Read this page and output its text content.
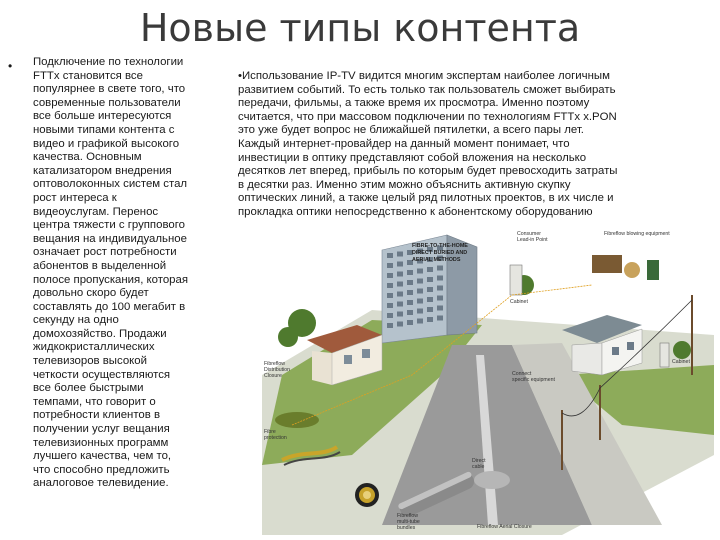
Новые типы контента
• Подключение по технологии
FTTx становится все
популярнее в свете того, что
современные пользователи
все больше интересуются
новыми типами контента с
видео и графикой высокого
качества. Основным
катализатором внедрения
оптоволоконных систем стал
рост интереса к
видеоуслугам. Перенос
центра тяжести с группового
вещания на индивидуальное
означает рост потребности
абонентов в выделенной
полосе пропускания, которая
довольно скоро будет
составлять до 100 мегабит в
секунду на одно
домохозяйство. Продажи
жидкокристаллических
телевизоров высокой
четкости осуществляются
все более быстрыми
темпами, что говорит о
потребности клиентов в
получении услуг вещания
телевизионных программ
лучшего качества, чем то,
что способно предложить
аналоговое телевидение.
•Использование IP-TV видится многим экспертам наиболее логичным
развитием событий. То есть только так пользователь сможет выбирать
передачи, фильмы, а также время их просмотра. Именно поэтому
считается, что при массовом подключении по технологиям FTTx x.PON
это уже будет вопрос не ближайшей пятилетки, а всего пары лет.
Каждый интернет-провайдер на данный момент понимает, что
инвестиции в оптику представляют собой вложения на несколько
десятков лет вперед, прибыль по которым будет превосходить затраты
в десятки раз. Именно этим можно объяснить активную скупку
оптических линий, а также целый ряд пилотных проектов, в их числе и
прокладка оптики непосредственно к абонентскому оборудованию
FIBRE-TO-THE-HOME
DIRECT BURIED AND
AERIAL METHODS
Consumer
Lead-in Point
Fibreflow blowing equipment
Cabinet
Cabinet
Fibreflow
Distribution
Closure	Connect
specific equipment
Fibre
protection
Direct
cable
Fibreflow
multi-tube
bundles	Fibreflow Aerial Closure
